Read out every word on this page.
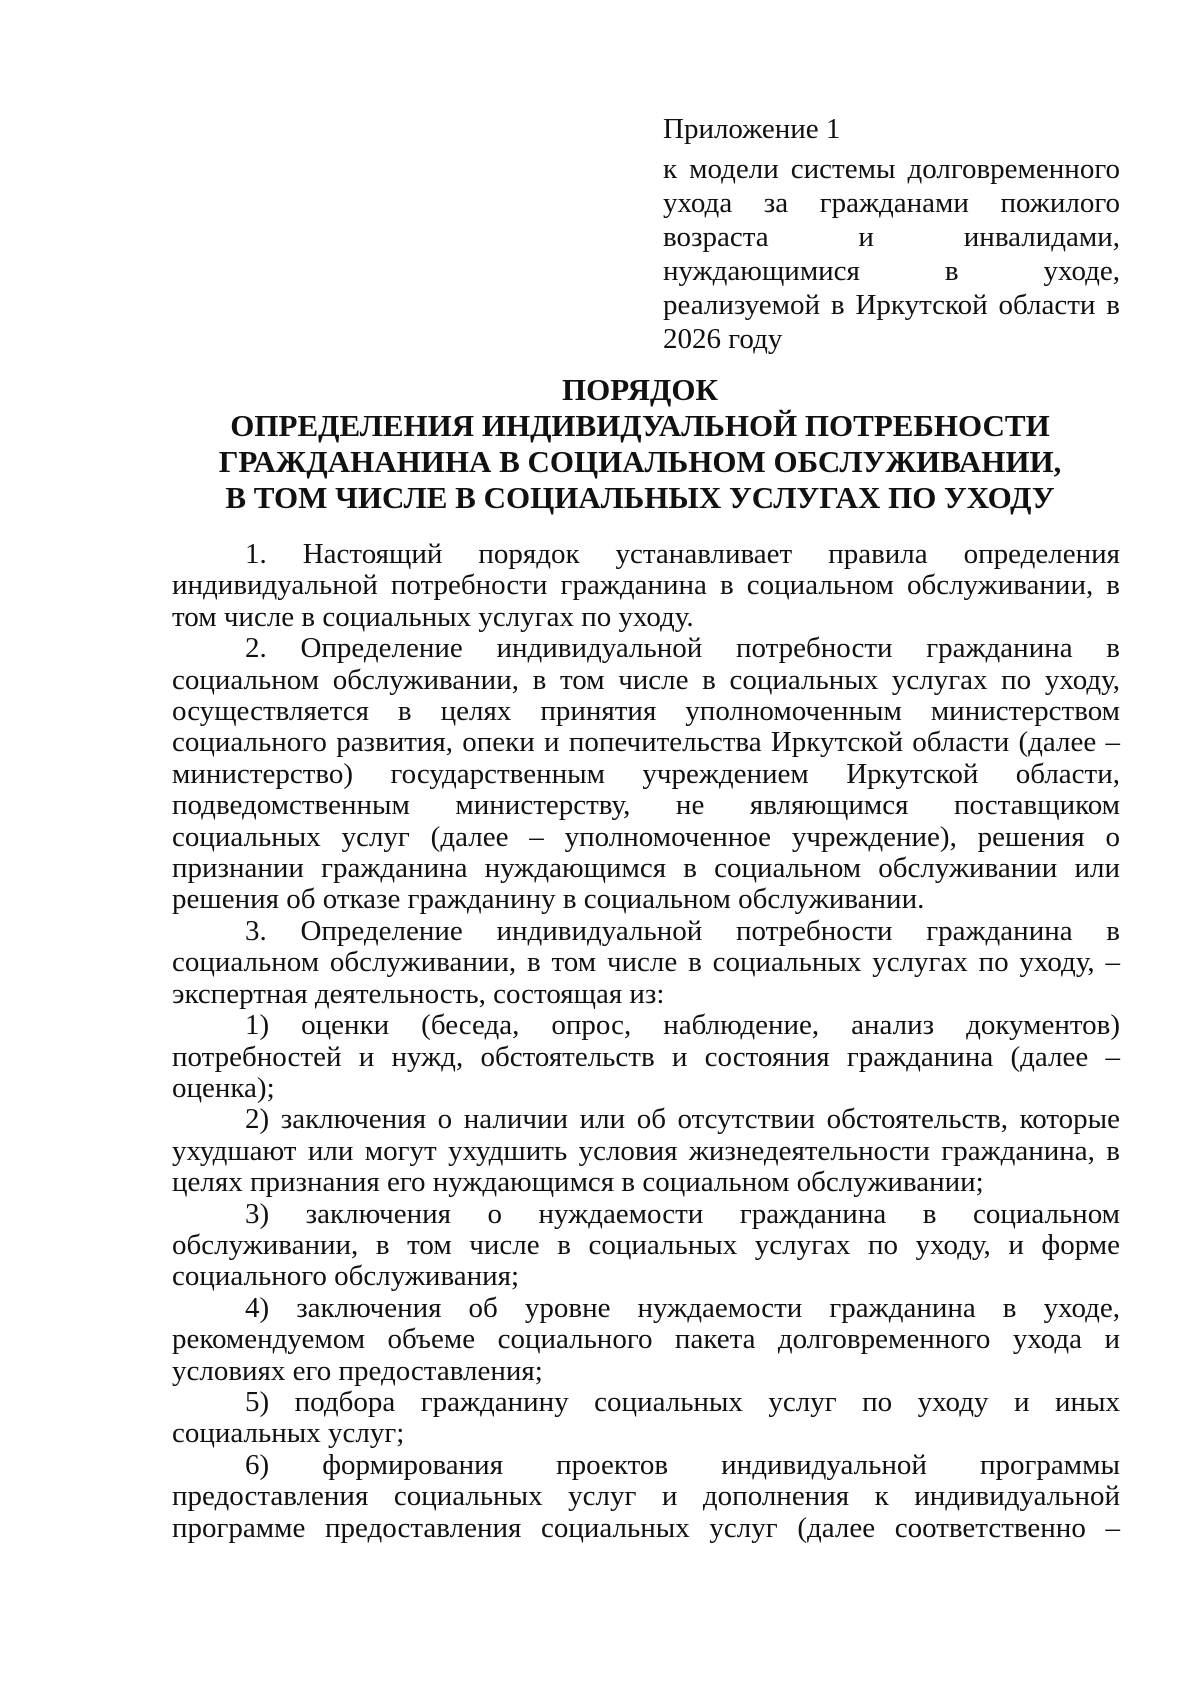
Приложение 1
к модели системы долговременного ухода за гражданами пожилого возраста и инвалидами, нуждающимися в уходе, реализуемой в Иркутской области в 2026 году
ПОРЯДОК
ОПРЕДЕЛЕНИЯ ИНДИВИДУАЛЬНОЙ ПОТРЕБНОСТИ
ГРАЖДАНАНИНА В СОЦИАЛЬНОМ ОБСЛУЖИВАНИИ,
В ТОМ ЧИСЛЕ В СОЦИАЛЬНЫХ УСЛУГАХ ПО УХОДУ

1. Настоящий порядок устанавливает правила определения индивидуальной потребности гражданина в социальном обслуживании, в том числе в социальных услугах по уходу.

2. Определение индивидуальной потребности гражданина в социальном обслуживании, в том числе в социальных услугах по уходу, осуществляется в целях принятия уполномоченным министерством социального развития, опеки и попечительства Иркутской области (далее – министерство) государственным учреждением Иркутской области, подведомственным министерству, не являющимся поставщиком социальных услуг (далее – уполномоченное учреждение), решения о признании гражданина нуждающимся в социальном обслуживании или решения об отказе гражданину в социальном обслуживании.

3. Определение индивидуальной потребности гражданина в социальном обслуживании, в том числе в социальных услугах по уходу, – экспертная деятельность, состоящая из:

1) оценки (беседа, опрос, наблюдение, анализ документов) потребностей и нужд, обстоятельств и состояния гражданина (далее – оценка);

2) заключения о наличии или об отсутствии обстоятельств, которые ухудшают или могут ухудшить условия жизнедеятельности гражданина, в целях признания его нуждающимся в социальном обслуживании;

3) заключения о нуждаемости гражданина в социальном обслуживании, в том числе в социальных услугах по уходу, и форме социального обслуживания;

4) заключения об уровне нуждаемости гражданина в уходе, рекомендуемом объеме социального пакета долговременного ухода и условиях его предоставления;

5) подбора гражданину социальных услуг по уходу и иных социальных услуг;

6) формирования проектов индивидуальной программы предоставления социальных услуг и дополнения к индивидуальной программе предоставления социальных услуг (далее соответственно –
